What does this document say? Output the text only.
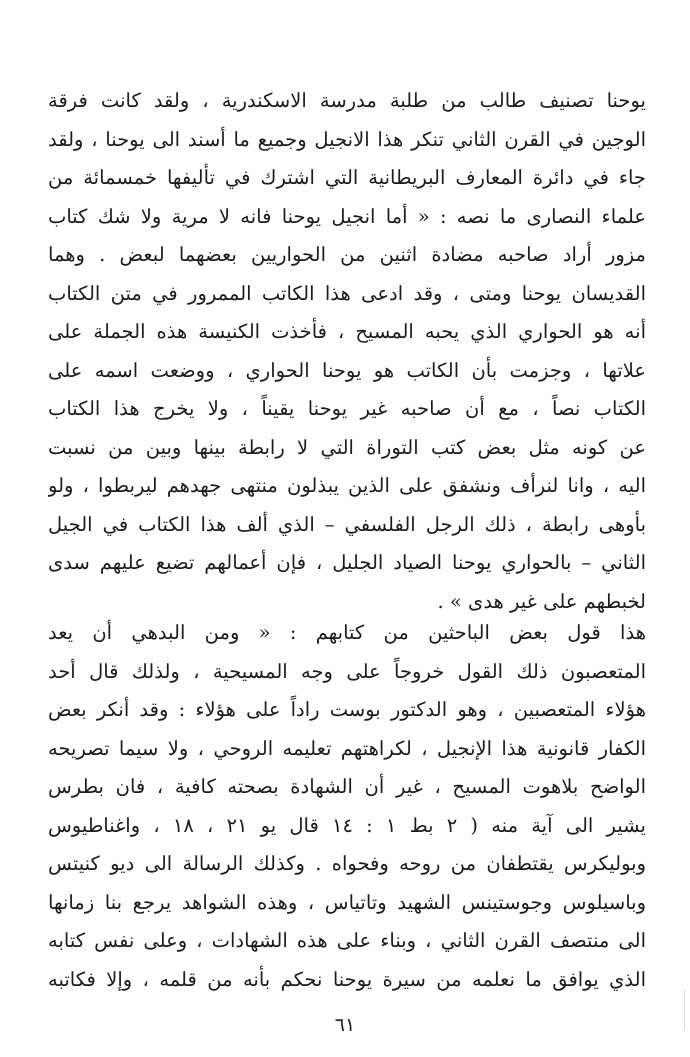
يوحنا تصنيف طالب من طلبة مدرسة الاسكندرية ، ولقد كانت فرقة
الوجين في القرن الثاني تنكر هذا الانجيل وجميع ما أسند الى يوحنا ، ولقد
جاء في دائرة المعارف البريطانية التي اشترك في تأليفها خمسمائة من
علماء النصارى ما نصه : « أما انجيل يوحنا فانه لا مرية ولا شك كتاب
مزور أراد صاحبه مضادة اثنين من الحواريين بعضهما لبعض . وهما
القديسان يوحنا ومتى ، وقد ادعى هذا الكاتب الممرور في متن الكتاب
أنه هو الحواري الذي يحبه المسيح ، فأخذت الكنيسة هذه الجملة على
علاتها ، وجزمت بأن الكاتب هو يوحنا الحواري ، ووضعت اسمه على
الكتاب نصاً ، مع أن صاحبه غير يوحنا يقيناً ، ولا يخرج هذا الكتاب
عن كونه مثل بعض كتب التوراة التي لا رابطة بينها وبين من نسبت
اليه ، وانا لنرأف ونشفق على الذين يبذلون منتهى جهدهم ليربطوا ، ولو
بأوهى رابطة ، ذلك الرجل الفلسفي – الذي ألف هذا الكتاب في الجيل
الثاني – بالحواري يوحنا الصياد الجليل ، فإن أعمالهم تضيع عليهم سدى
لخبطهم على غير هدى » .
هذا قول بعض الباحثين من كتابهم : « ومن البدهي أن يعد
المتعصبون ذلك القول خروجاً على وجه المسيحية ، ولذلك قال أحد
هؤلاء المتعصبين ، وهو الدكتور بوست راداً على هؤلاء : وقد أنكر بعض
الكفار قانونية هذا الإنجيل ، لكراهتهم تعليمه الروحي ، ولا سيما تصريحه
الواضح بلاهوت المسيح ، غير أن الشهادة بصحته كافية ، فان بطرس
يشير الى آية منه ( ٢ بط ١ : ١٤ قال يو ٢١ ، ١٨ ، واغناطيوس
وبوليكرس يقتطفان من روحه وفحواه . وكذلك الرسالة الى ديو كنيتس
وباسيلوس وجوستينس الشهيد وتاتياس ، وهذه الشواهد يرجع بنا زمانها
الى منتصف القرن الثاني ، وبناء على هذه الشهادات ، وعلى نفس كتابه
الذي يوافق ما نعلمه من سيرة يوحنا نحكم بأنه من قلمه ، وإلا فكاتبه
٦١
